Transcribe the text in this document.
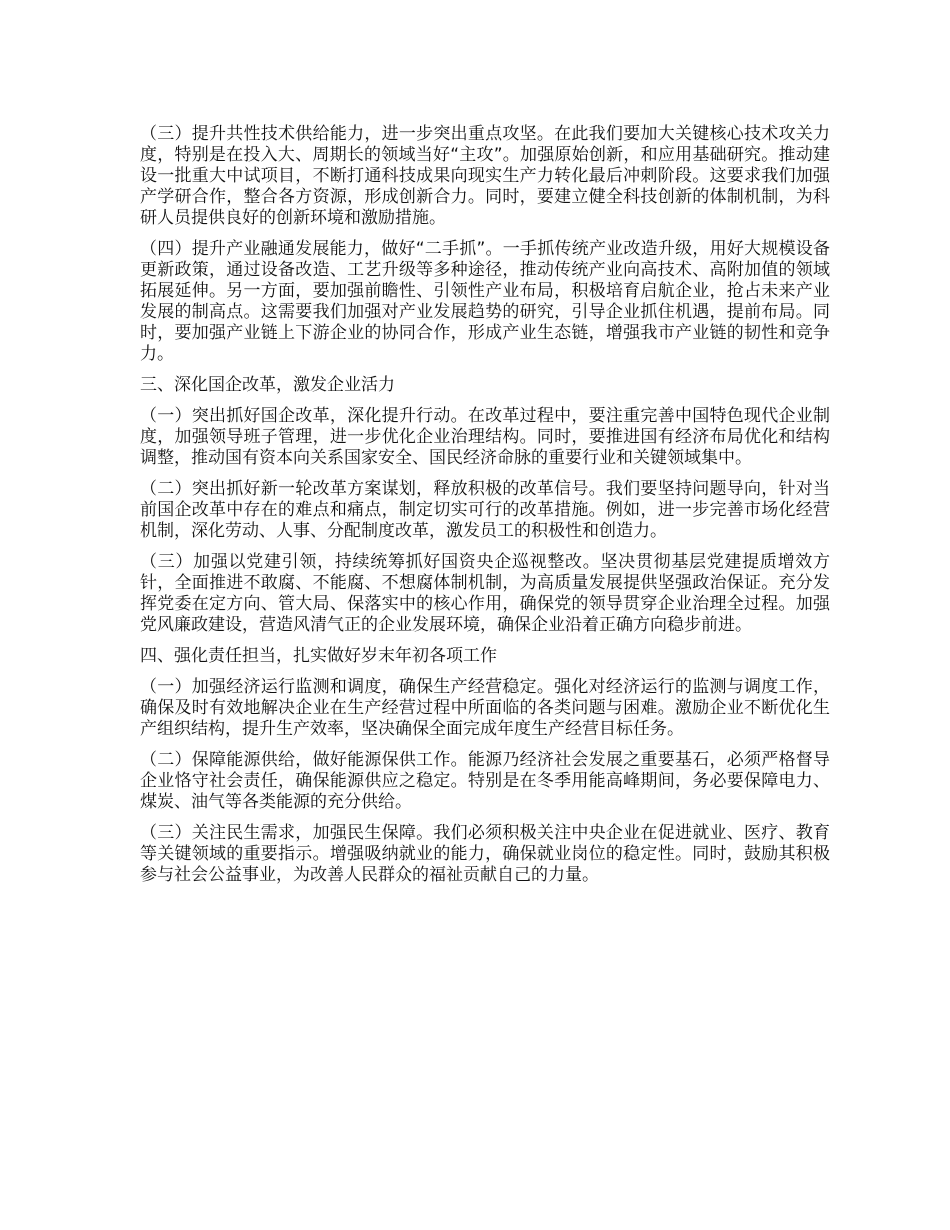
（三）提升共性技术供给能力，进一步突出重点攻坚。在此我们要加大关键核心技术攻关力度，特别是在投入大、周期长的领域当好“主攻”。加强原始创新，和应用基础研究。推动建设一批重大中试项目，不断打通科技成果向现实生产力转化最后冲刺阶段。这要求我们加强产学研合作，整合各方资源，形成创新合力。同时，要建立健全科技创新的体制机制，为科研人员提供良好的创新环境和激励措施。

（四）提升产业融通发展能力，做好“二手抓”。一手抓传统产业改造升级，用好大规模设备更新政策，通过设备改造、工艺升级等多种途径，推动传统产业向高技术、高附加值的领域拓展延伸。另一方面，要加强前瞻性、引领性产业布局，积极培育启航企业，抢占未来产业发展的制高点。这需要我们加强对产业发展趋势的研究，引导企业抓住机遇，提前布局。同时，要加强产业链上下游企业的协同合作，形成产业生态链，增强我市产业链的韧性和竞争力。

三、深化国企改革，激发企业活力

（一）突出抓好国企改革，深化提升行动。在改革过程中，要注重完善中国特色现代企业制度，加强领导班子管理，进一步优化企业治理结构。同时，要推进国有经济布局优化和结构调整，推动国有资本向关系国家安全、国民经济命脉的重要行业和关键领域集中。

（二）突出抓好新一轮改革方案谋划，释放积极的改革信号。我们要坚持问题导向，针对当前国企改革中存在的难点和痛点，制定切实可行的改革措施。例如，进一步完善市场化经营机制，深化劳动、人事、分配制度改革，激发员工的积极性和创造力。

（三）加强以党建引领，持续统筹抓好国资央企巡视整改。坚决贯彻基层党建提质增效方针，全面推进不敢腐、不能腐、不想腐体制机制，为高质量发展提供坚强政治保证。充分发挥党委在定方向、管大局、保落实中的核心作用，确保党的领导贯穿企业治理全过程。加强党风廉政建设，营造风清气正的企业发展环境，确保企业沿着正确方向稳步前进。

四、强化责任担当，扎实做好岁末年初各项工作

（一）加强经济运行监测和调度，确保生产经营稳定。强化对经济运行的监测与调度工作，确保及时有效地解决企业在生产经营过程中所面临的各类问题与困难。激励企业不断优化生产组织结构，提升生产效率，坚决确保全面完成年度生产经营目标任务。

（二）保障能源供给，做好能源保供工作。能源乃经济社会发展之重要基石，必须严格督导企业恪守社会责任，确保能源供应之稳定。特别是在冬季用能高峰期间，务必要保障电力、煤炭、油气等各类能源的充分供给。

（三）关注民生需求，加强民生保障。我们必须积极关注中央企业在促进就业、医疗、教育等关键领域的重要指示。增强吸纳就业的能力，确保就业岗位的稳定性。同时，鼓励其积极参与社会公益事业，为改善人民群众的福祉贡献自己的力量。
